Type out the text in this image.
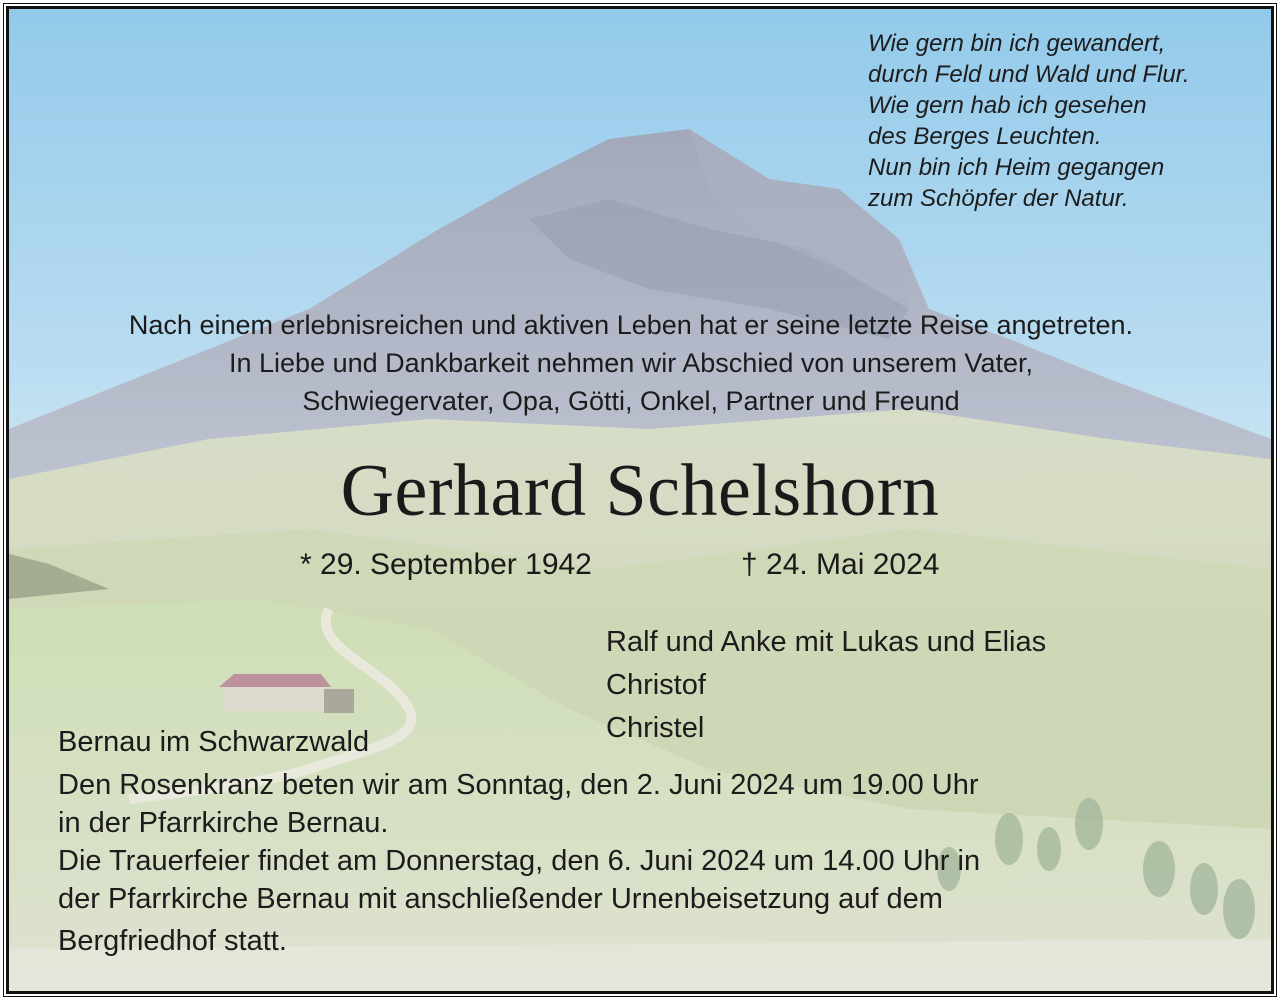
Wie gern bin ich gewandert,
durch Feld und Wald und Flur.
Wie gern hab ich gesehen
des Berges Leuchten.
Nun bin ich Heim gegangen
zum Schöpfer der Natur.
Nach einem erlebnisreichen und aktiven Leben hat er seine letzte Reise angetreten.
In Liebe und Dankbarkeit nehmen wir Abschied von unserem Vater,
Schwiegervater, Opa, Götti, Onkel, Partner und Freund
Gerhard Schelshorn
* 29. September 1942	† 24. Mai 2024
Ralf und Anke mit Lukas und Elias
Christof
Christel
Bernau im Schwarzwald
Den Rosenkranz beten wir am Sonntag, den 2. Juni 2024 um 19.00 Uhr
in der Pfarrkirche Bernau.
Die Trauerfeier findet am Donnerstag, den 6. Juni 2024 um 14.00 Uhr in
der Pfarrkirche Bernau mit anschließender Urnenbeisetzung auf dem
Bergfriedhof statt.
